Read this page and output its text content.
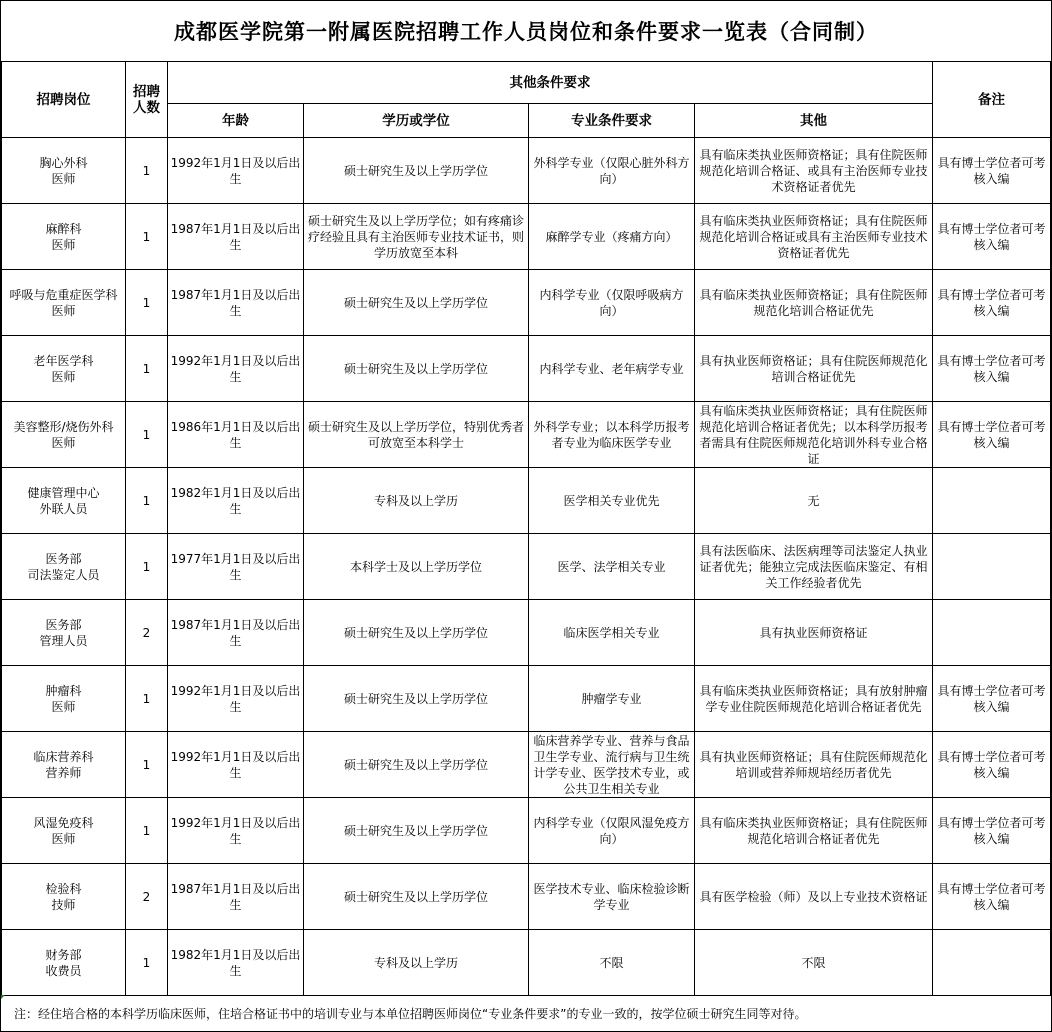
成都医学院第一附属医院招聘工作人员岗位和条件要求一览表（合同制）
招聘岗位	招聘人数	其他条件要求				备注
		年龄	学历或学位	专业条件要求	其他	

胸心外科
医师	1	1992年1月1日及以后出生	硕士研究生及以上学历学位	外科学专业（仅限心脏外科方向）	具有临床类执业医师资格证；具有住院医师规范化培训合格证、或具有主治医师专业技术资格证者优先	具有博士学位者可考核入编

麻醉科
医师	1	1987年1月1日及以后出生	硕士研究生及以上学历学位；如有疼痛诊疗经验且具有主治医师专业技术证书，则学历放宽至本科	麻醉学专业（疼痛方向）	具有临床类执业医师资格证；具有住院医师规范化培训合格证或具有主治医师专业技术资格证者优先	具有博士学位者可考核入编

呼吸与危重症医学科
医师	1	1987年1月1日及以后出生	硕士研究生及以上学历学位	内科学专业（仅限呼吸病方向）	具有临床类执业医师资格证；具有住院医师规范化培训合格证优先	具有博士学位者可考核入编

老年医学科
医师	1	1992年1月1日及以后出生	硕士研究生及以上学历学位	内科学专业、老年病学专业	具有执业医师资格证；具有住院医师规范化培训合格证优先	具有博士学位者可考核入编

美容整形/烧伤外科
医师	1	1986年1月1日及以后出生	硕士研究生及以上学历学位，特别优秀者可放宽至本科学士	外科学专业；以本科学历报考者专业为临床医学专业	具有临床类执业医师资格证；具有住院医师规范化培训合格证者优先；以本科学历报考者需具有住院医师规范化培训外科专业合格证	具有博士学位者可考核入编

健康管理中心
外联人员	1	1982年1月1日及以后出生	专科及以上学历	医学相关专业优先	无	

医务部
司法鉴定人员	1	1977年1月1日及以后出生	本科学士及以上学历学位	医学、法学相关专业	具有法医临床、法医病理等司法鉴定人执业证者优先；能独立完成法医临床鉴定、有相关工作经验者优先	

医务部
管理人员	2	1987年1月1日及以后出生	硕士研究生及以上学历学位	临床医学相关专业	具有执业医师资格证	

肿瘤科
医师	1	1992年1月1日及以后出生	硕士研究生及以上学历学位	肿瘤学专业	具有临床类执业医师资格证；具有放射肿瘤学专业住院医师规范化培训合格证者优先	具有博士学位者可考核入编

临床营养科
营养师	1	1992年1月1日及以后出生	硕士研究生及以上学历学位	临床营养学专业、营养与食品卫生学专业、流行病与卫生统计学专业、医学技术专业，或公共卫生相关专业	具有执业医师资格证；具有住院医师规范化培训或营养师规培经历者优先	具有博士学位者可考核入编

风湿免疫科
医师	1	1992年1月1日及以后出生	硕士研究生及以上学历学位	内科学专业（仅限风湿免疫方向）	具有临床类执业医师资格证；具有住院医师规范化培训合格证者优先	具有博士学位者可考核入编

检验科
技师	2	1987年1月1日及以后出生	硕士研究生及以上学历学位	医学技术专业、临床检验诊断学专业	具有医学检验（师）及以上专业技术资格证	具有博士学位者可考核入编

财务部
收费员	1	1982年1月1日及以后出生	专科及以上学历	不限	不限	
注：经住培合格的本科学历临床医师，住培合格证书中的培训专业与本单位招聘医师岗位“专业条件要求”的专业一致的，按学位硕士研究生同等对待。
